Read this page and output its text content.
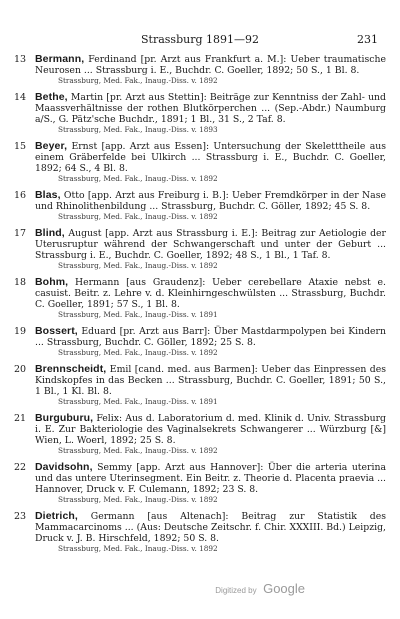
Strassburg 1891—92	231
13 Bermann, Ferdinand [pr. Arzt aus Frankfurt a. M.]: Ueber traumatische Neurosen ... Strassburg i. E., Buchdr. C. Goeller, 1892; 50 S., 1 Bl. 8.
Strassburg, Med. Fak., Inaug.-Diss. v. 1892
14 Bethe, Martin [pr. Arzt aus Stettin]: Beiträge zur Kenntniss der Zahl- und Maassverhältnisse der rothen Blutkörperchen ... (Sep.-Abdr.) Naumburg a/S., G. Pätz'sche Buchdr., 1891; 1 Bl., 31 S., 2 Taf. 8.
Strassburg, Med. Fak., Inaug.-Diss. v. 1893
15 Beyer, Ernst [app. Arzt aus Essen]: Untersuchung der Skeletttheile aus einem Gräberfelde bei Ulkirch ... Strassburg i. E., Buchdr. C. Goeller, 1892; 64 S., 4 Bl. 8.
Strassburg, Med. Fak., Inaug.-Diss. v. 1892
16 Blas, Otto [app. Arzt aus Freiburg i. B.]: Ueber Fremdkörper in der Nase und Rhinolithenbildung ... Strassburg, Buchdr. C. Göller, 1892; 45 S. 8.
Strassburg, Med. Fak., Inaug.-Diss. v. 1892
17 Blind, August [app. Arzt aus Strassburg i. E.]: Beitrag zur Aetiologie der Uterusruptur während der Schwangerschaft und unter der Geburt ... Strassburg i. E., Buchdr. C. Goeller, 1892; 48 S., 1 Bl., 1 Taf. 8.
Strassburg, Med. Fak., Inaug.-Diss. v. 1892
18 Bohm, Hermann [aus Graudenz]: Ueber cerebellare Ataxie nebst e. casuist. Beitr. z. Lehre v. d. Kleinhirngeschwülsten ... Strassburg, Buchdr. C. Goeller, 1891; 57 S., 1 Bl. 8.
Strassburg, Med. Fak., Inaug.-Diss. v. 1891
19 Bossert, Eduard [pr. Arzt aus Barr]: Über Mastdarmpolypen bei Kindern ... Strassburg, Buchdr. C. Göller, 1892; 25 S. 8.
Strassburg, Med. Fak., Inaug.-Diss. v. 1892
20 Brennscheidt, Emil [cand. med. aus Barmen]: Ueber das Einpressen des Kindskopfes in das Becken ... Strassburg, Buchdr. C. Goeller, 1891; 50 S., 1 Bl., 1 Kl. Bl. 8.
Strassburg, Med. Fak., Inaug.-Diss. v. 1891
21 Burguburu, Felix: Aus d. Laboratorium d. med. Klinik d. Univ. Strassburg i. E. Zur Bakteriologie des Vaginalsekrets Schwangerer ... Würzburg [&] Wien, L. Woerl, 1892; 25 S. 8.
Strassburg, Med. Fak., Inaug.-Diss. v. 1892
22 Davidsohn, Semmy [app. Arzt aus Hannover]: Über die arteria uterina und das untere Uterinsegment. Ein Beitr. z. Theorie d. Placenta praevia ... Hannover, Druck v. F. Culemann, 1892; 23 S. 8.
Strassburg, Med. Fak., Inaug.-Diss. v. 1892
23 Dietrich, Germann [aus Altenach]: Beitrag zur Statistik des Mammacarcinoms ... (Aus: Deutsche Zeitschr. f. Chir. XXXIII. Bd.) Leipzig, Druck v. J. B. Hirschfeld, 1892; 50 S. 8.
Strassburg, Med. Fak., Inaug.-Diss. v. 1892
Digitized by Google
